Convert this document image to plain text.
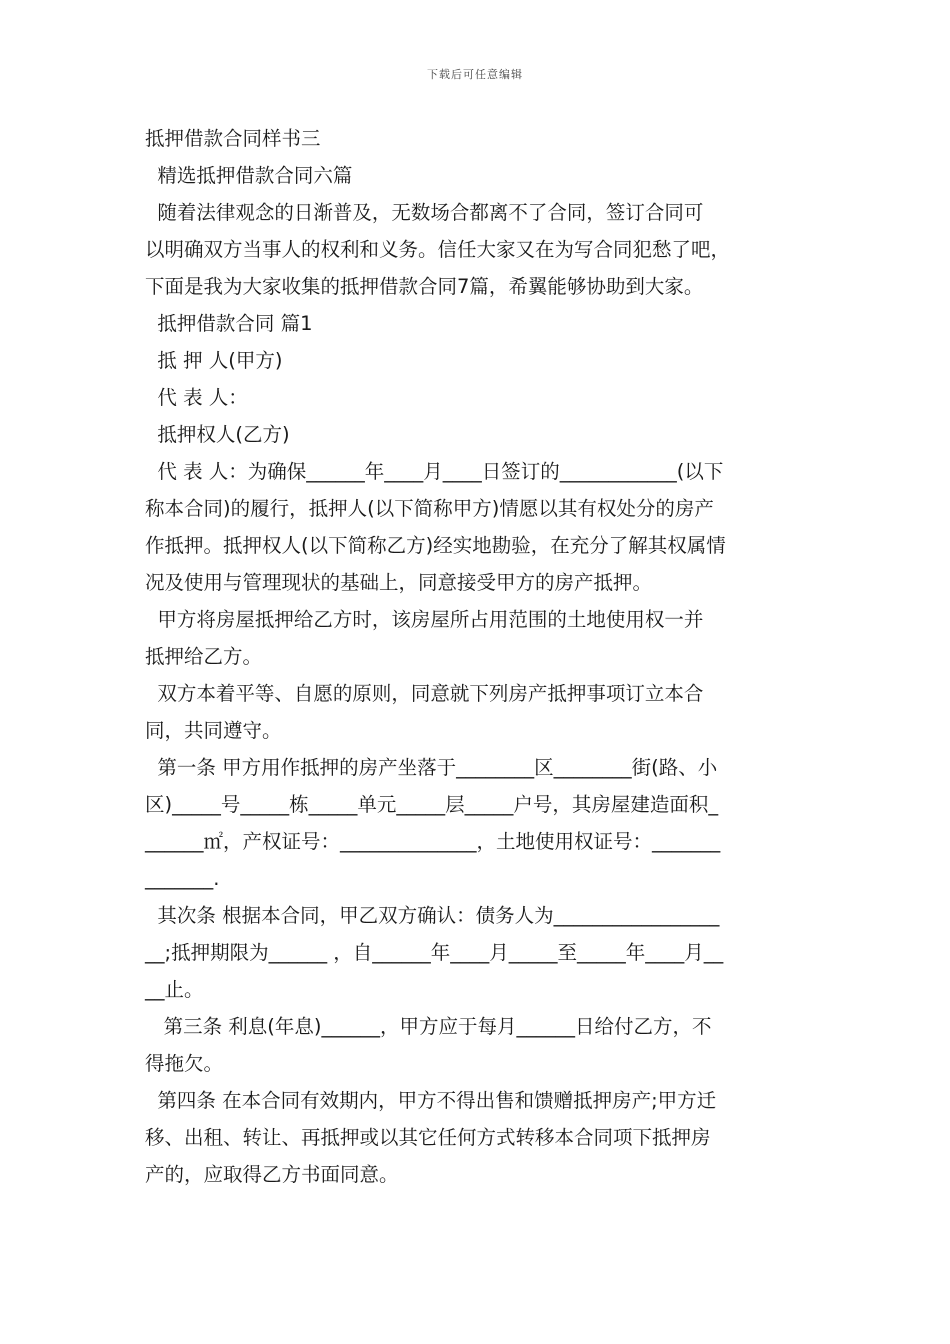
下载后可任意编辑
抵押借款合同样书三
精选抵押借款合同六篇
随着法律观念的日渐普及，无数场合都离不了合同，签订合同可
以明确双方当事人的权利和义务。信任大家又在为写合同犯愁了吧，
下面是我为大家收集的抵押借款合同7篇，希翼能够协助到大家。
抵押借款合同 篇1
抵 押 人(甲方)
代 表 人：
抵押权人(乙方)
代 表 人：为确保______年____月____日签订的____________(以下
称本合同)的履行，抵押人(以下简称甲方)情愿以其有权处分的房产
作抵押。抵押权人(以下简称乙方)经实地勘验，在充分了解其权属情
况及使用与管理现状的基础上，同意接受甲方的房产抵押。
甲方将房屋抵押给乙方时，该房屋所占用范围的土地使用权一并
抵押给乙方。
双方本着平等、自愿的原则，同意就下列房产抵押事项订立本合
同，共同遵守。
第一条 甲方用作抵押的房产坐落于________区________街(路、小
区)_____号_____栋_____单元_____层_____户号，其房屋建造面积_
______㎡，产权证号：______________，土地使用权证号：_______
_______.
其次条 根据本合同，甲乙双方确认：债务人为_________________
__;抵押期限为______ ，自______年____月_____至_____年____月__
__止。
第三条 利息(年息)______，甲方应于每月______日给付乙方，不
得拖欠。
第四条 在本合同有效期内，甲方不得出售和馈赠抵押房产;甲方迁
移、出租、转让、再抵押或以其它任何方式转移本合同项下抵押房
产的，应取得乙方书面同意。
